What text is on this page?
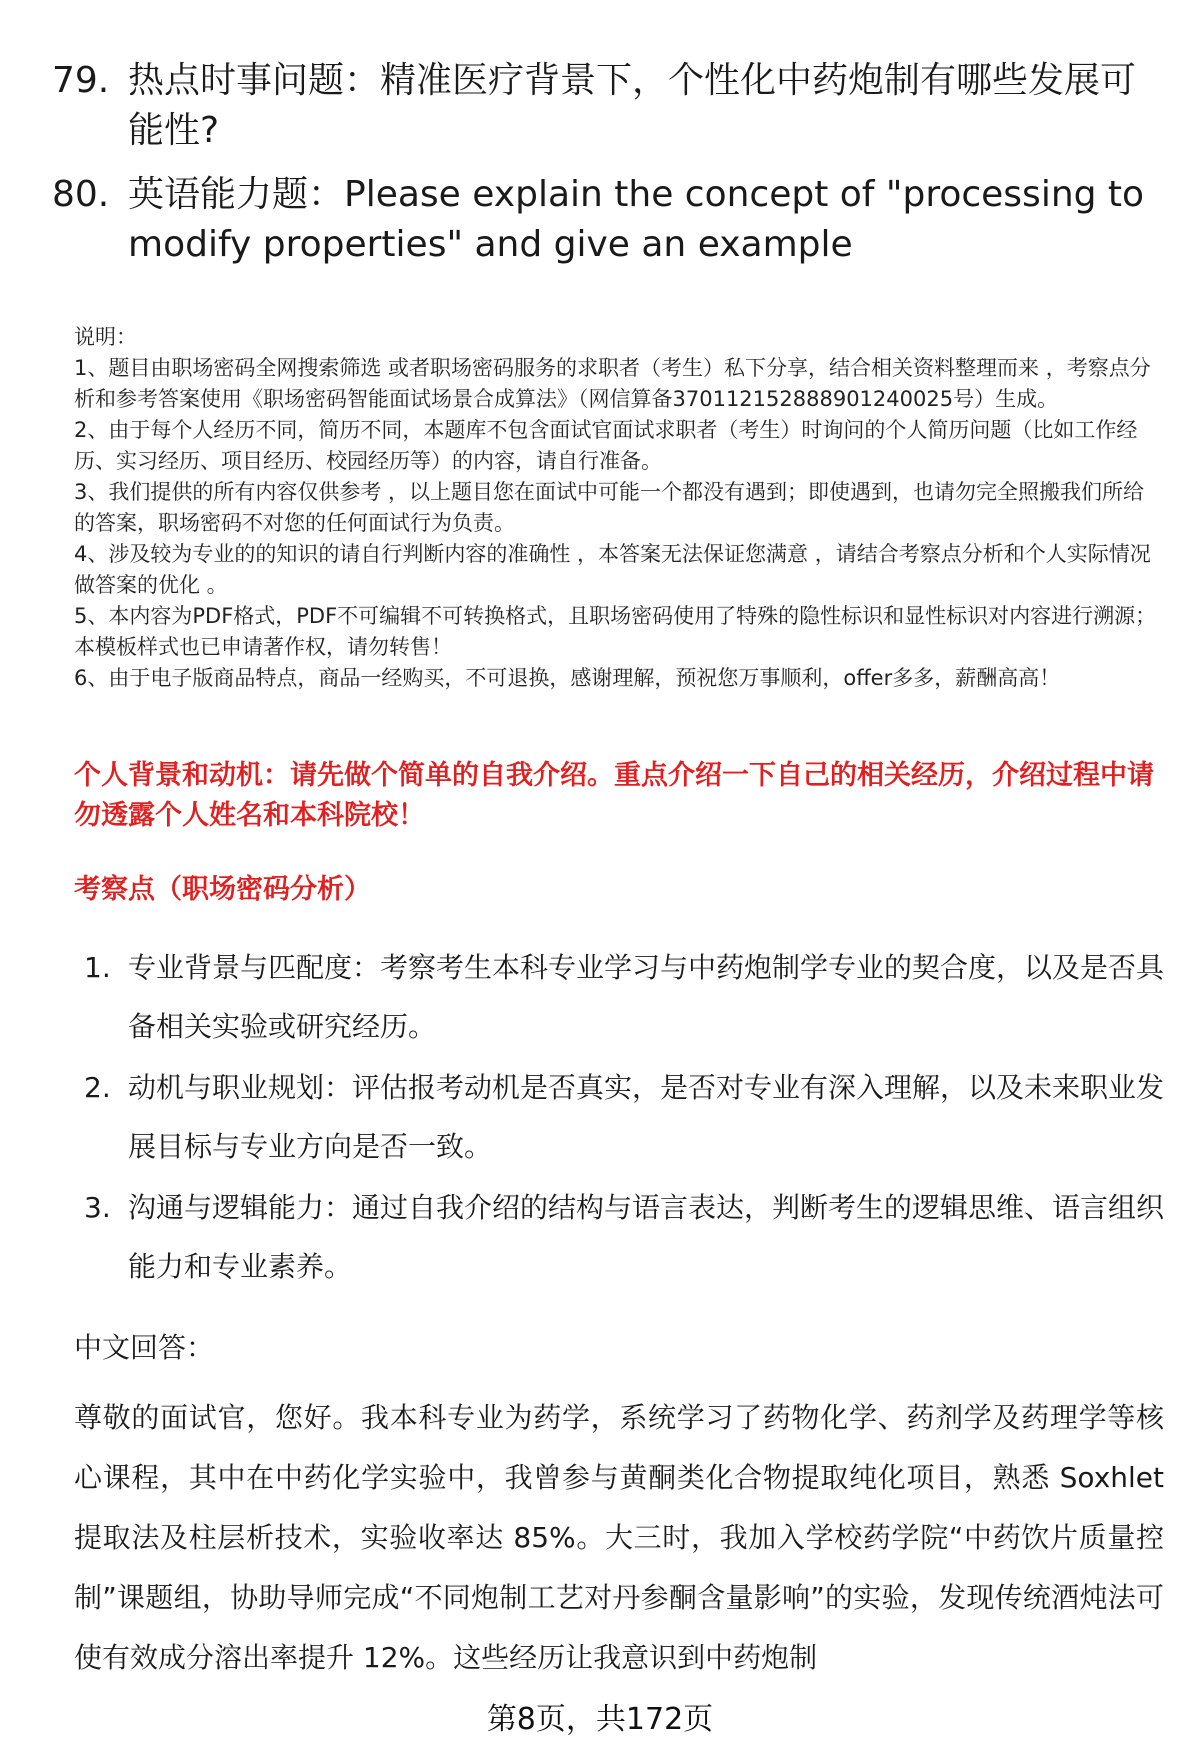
79. 热点时事问题：精准医疗背景下，个性化中药炮制有哪些发展可能性?
80. 英语能力题：Please explain the concept of "processing to modify properties" and give an example

说明：

1、题目由职场密码全网搜索筛选 或者职场密码服务的求职者（考生）私下分享，结合相关资料整理而来 ，考察点分析和参考答案使用《职场密码智能面试场景合成算法》（网信算备370112152888901240025号）生成。

2、由于每个人经历不同，简历不同，本题库不包含面试官面试求职者（考生）时询问的个人简历问题（比如工作经历、实习经历、项目经历、校园经历等）的内容，请自行准备。

3、我们提供的所有内容仅供参考 ，以上题目您在面试中可能一个都没有遇到；即使遇到，也请勿完全照搬我们所给的答案，职场密码不对您的任何面试行为负责。

4、涉及较为专业的的知识的请自行判断内容的准确性 ，本答案无法保证您满意 ，请结合考察点分析和个人实际情况做答案的优化 。

5、本内容为PDF格式，PDF不可编辑不可转换格式，且职场密码使用了特殊的隐性标识和显性标识对内容进行溯源；本模板样式也已申请著作权，请勿转售！

6、由于电子版商品特点，商品一经购买，不可退换，感谢理解，预祝您万事顺利，offer多多，薪酬高高！

个人背景和动机：请先做个简单的自我介绍。重点介绍一下自己的相关经历，介绍过程中请勿透露个人姓名和本科院校！
考察点（职场密码分析）
1. 专业背景与匹配度：考察考生本科专业学习与中药炮制学专业的契合度，以及是否具备相关实验或研究经历。
2. 动机与职业规划：评估报考动机是否真实，是否对专业有深入理解，以及未来职业发展目标与专业方向是否一致。
3. 沟通与逻辑能力：通过自我介绍的结构与语言表达，判断考生的逻辑思维、语言组织能力和专业素养。
中文回答：
尊敬的面试官，您好。我本科专业为药学，系统学习了药物化学、药剂学及药理学等核心课程，其中在中药化学实验中，我曾参与黄酮类化合物提取纯化项目，熟悉 Soxhlet 提取法及柱层析技术，实验收率达 85%。大三时，我加入学校药学院“中药饮片质量控制”课题组，协助导师完成“不同炮制工艺对丹参酮含量影响”的实验，发现传统酒炖法可使有效成分溶出率提升 12%。这些经历让我意识到中药炮制
第8页，共172页
